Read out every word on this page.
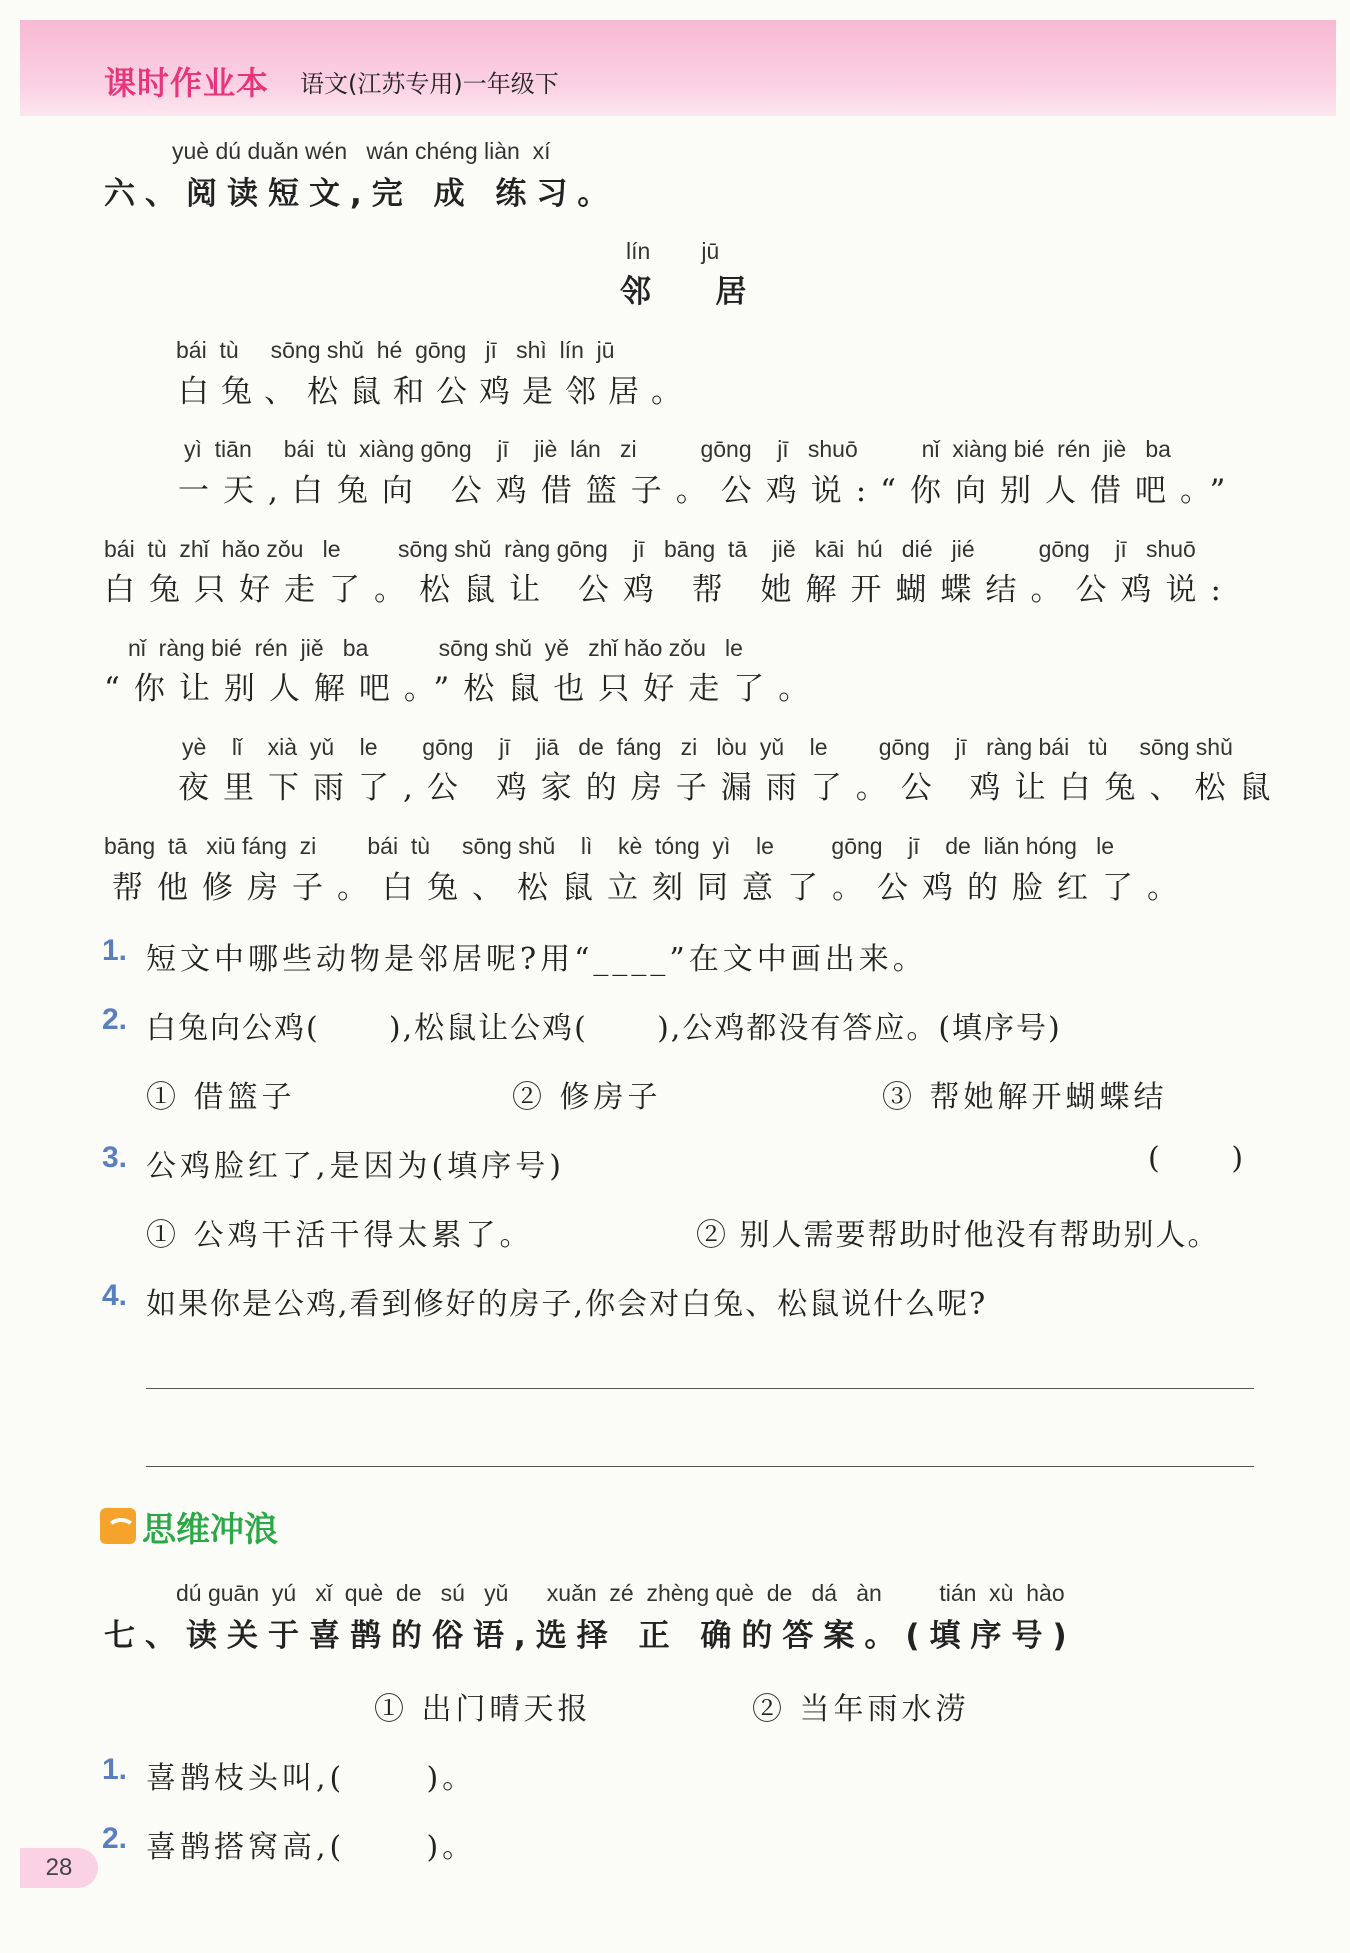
课时作业本 语文(江苏专用)一年级下
yuè dú duǎn wén   wán chéng liàn  xí
六、阅读短文,完 成 练习。
lín        jū
邻   居
bái  tù     sōng shǔ  hé  gōng   jī   shì  lín  jū
白兔、松鼠和公鸡是邻居。
yì  tiān     bái  tù  xiàng gōng    jī    jiè  lán   zi          gōng    jī   shuō          nǐ  xiàng bié  rén  jiè   ba
一天,白兔向 公鸡借篮子。公鸡说:“你向别人借吧。”
bái  tù  zhǐ  hǎo zǒu   le         sōng shǔ  ràng gōng    jī   bāng  tā    jiě   kāi  hú   dié   jié          gōng    jī   shuō
白兔只好走了。松鼠让 公鸡 帮 她解开蝴蝶结。公鸡说:
nǐ  ràng bié  rén  jiě   ba           sōng shǔ  yě   zhǐ hǎo zǒu   le
“你让别人解吧。”松鼠也只好走了。
yè    lǐ    xià  yǔ    le       gōng    jī    jiā   de  fáng   zi   lòu  yǔ    le        gōng    jī   ràng bái   tù     sōng shǔ
夜里下雨了,公 鸡家的房子漏雨了。公 鸡让白兔、松鼠
bāng  tā   xiū fáng  zi        bái  tù     sōng shǔ    lì    kè  tóng  yì    le         gōng    jī    de  liǎn hóng   le
帮他修房子。白兔、松鼠立刻同意了。公鸡的脸红了。
1. 短文中哪些动物是邻居呢?用“____”在文中画出来。
2. 白兔向公鸡(      ),松鼠让公鸡(      ),公鸡都没有答应。(填序号)
① 借篮子	② 修房子	③ 帮她解开蝴蝶结
3. 公鸡脸红了,是因为(填序号)	(     )
① 公鸡干活干得太累了。	② 别人需要帮助时他没有帮助别人。
4. 如果你是公鸡,看到修好的房子,你会对白兔、松鼠说什么呢?
思维冲浪
dú guān  yú   xǐ  què  de   sú   yǔ      xuǎn  zé  zhèng què  de   dá   àn         tián  xù  hào
七、读关于喜鹊的俗语,选择 正 确的答案。(填序号)
① 出门晴天报	② 当年雨水涝
1. 喜鹊枝头叫,(      )。
2. 喜鹊搭窝高,(      )。
28
